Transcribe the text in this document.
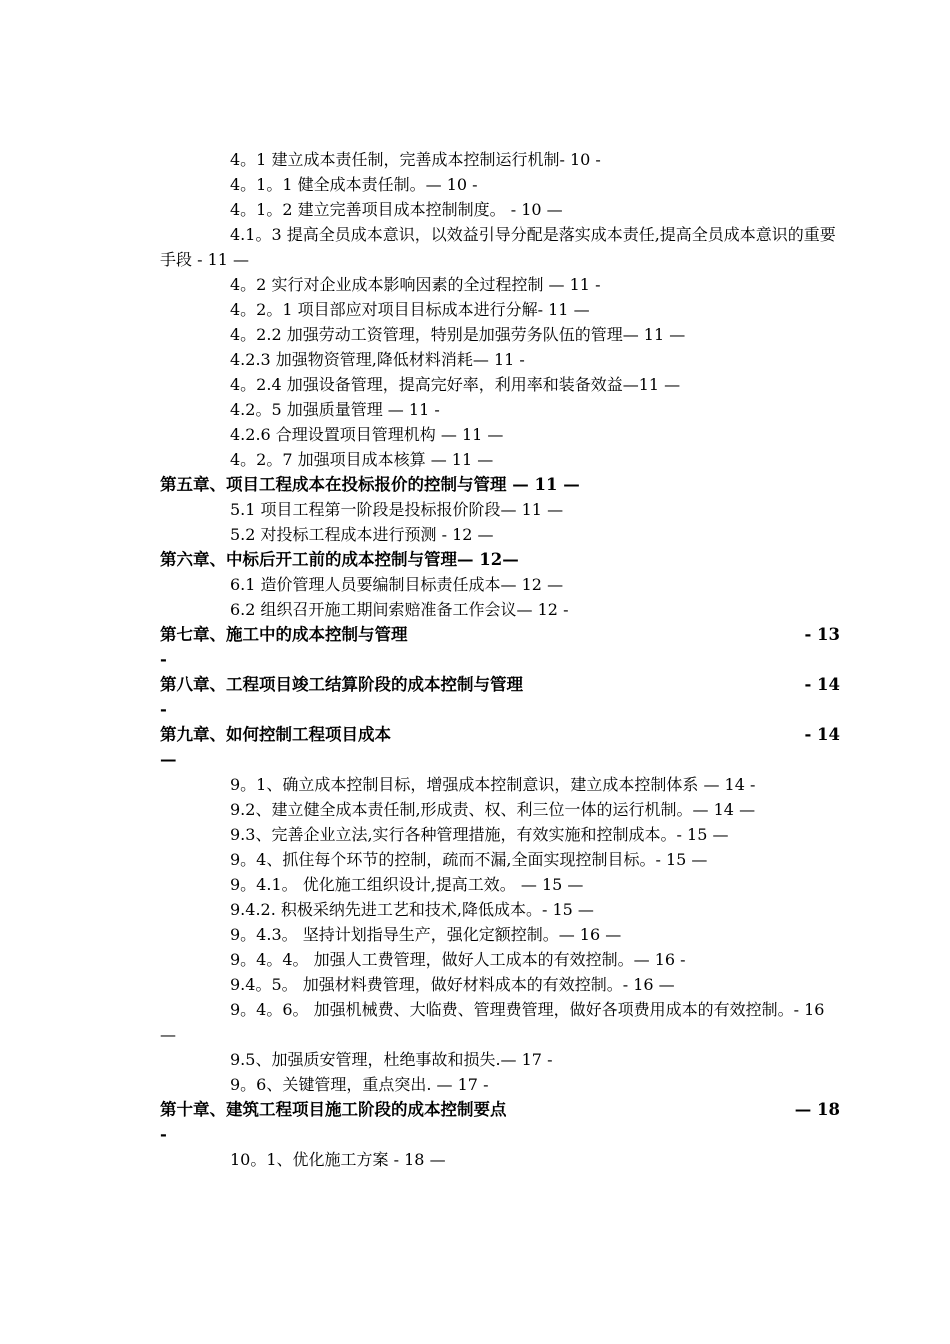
4。1 建立成本责任制，完善成本控制运行机制- 10 -
4。1。1 健全成本责任制。— 10 -
4。1。2 建立完善项目成本控制制度。 - 10 —
4.1。3 提高全员成本意识，以效益引导分配是落实成本责任,提高全员成本意识的重要手段 - 11 —
4。2 实行对企业成本影响因素的全过程控制 — 11 -
4。2。1 项目部应对项目目标成本进行分解- 11 —
4。2.2 加强劳动工资管理，特别是加强劳务队伍的管理— 11 —
4.2.3 加强物资管理,降低材料消耗— 11 -
4。2.4 加强设备管理，提高完好率，利用率和装备效益—11 —
4.2。5 加强质量管理 — 11 -
4.2.6 合理设置项目管理机构 — 11 —
4。2。7 加强项目成本核算 — 11 —
第五章、项目工程成本在投标报价的控制与管理 — 11 —
5.1 项目工程第一阶段是投标报价阶段— 11 —
5.2 对投标工程成本进行预测 - 12 —
第六章、中标后开工前的成本控制与管理— 12—
6.1 造价管理人员要编制目标责任成本— 12 —
6.2 组织召开施工期间索赔准备工作会议— 12 -
第七章、施工中的成本控制与管理	- 13
-
第八章、工程项目竣工结算阶段的成本控制与管理	- 14
-
第九章、如何控制工程项目成本	- 14
—
9。1、确立成本控制目标，增强成本控制意识，建立成本控制体系 — 14 -
9.2、建立健全成本责任制,形成责、权、利三位一体的运行机制。— 14 —
9.3、完善企业立法,实行各种管理措施，有效实施和控制成本。- 15 —
9。4、抓住每个环节的控制，疏而不漏,全面实现控制目标。- 15 —
9。4.1。 优化施工组织设计,提高工效。 — 15 —
9.4.2. 积极采纳先进工艺和技术,降低成本。- 15 —
9。4.3。 坚持计划指导生产，强化定额控制。— 16 —
9。4。4。 加强人工费管理，做好人工成本的有效控制。— 16 -
9.4。5。 加强材料费管理，做好材料成本的有效控制。- 16 —
9。4。6。 加强机械费、大临费、管理费管理，做好各项费用成本的有效控制。- 16 —
9.5、加强质安管理，杜绝事故和损失.— 17 -
9。6、关键管理，重点突出. — 17 -
第十章、建筑工程项目施工阶段的成本控制要点	— 18
-
10。1、优化施工方案 - 18 —
